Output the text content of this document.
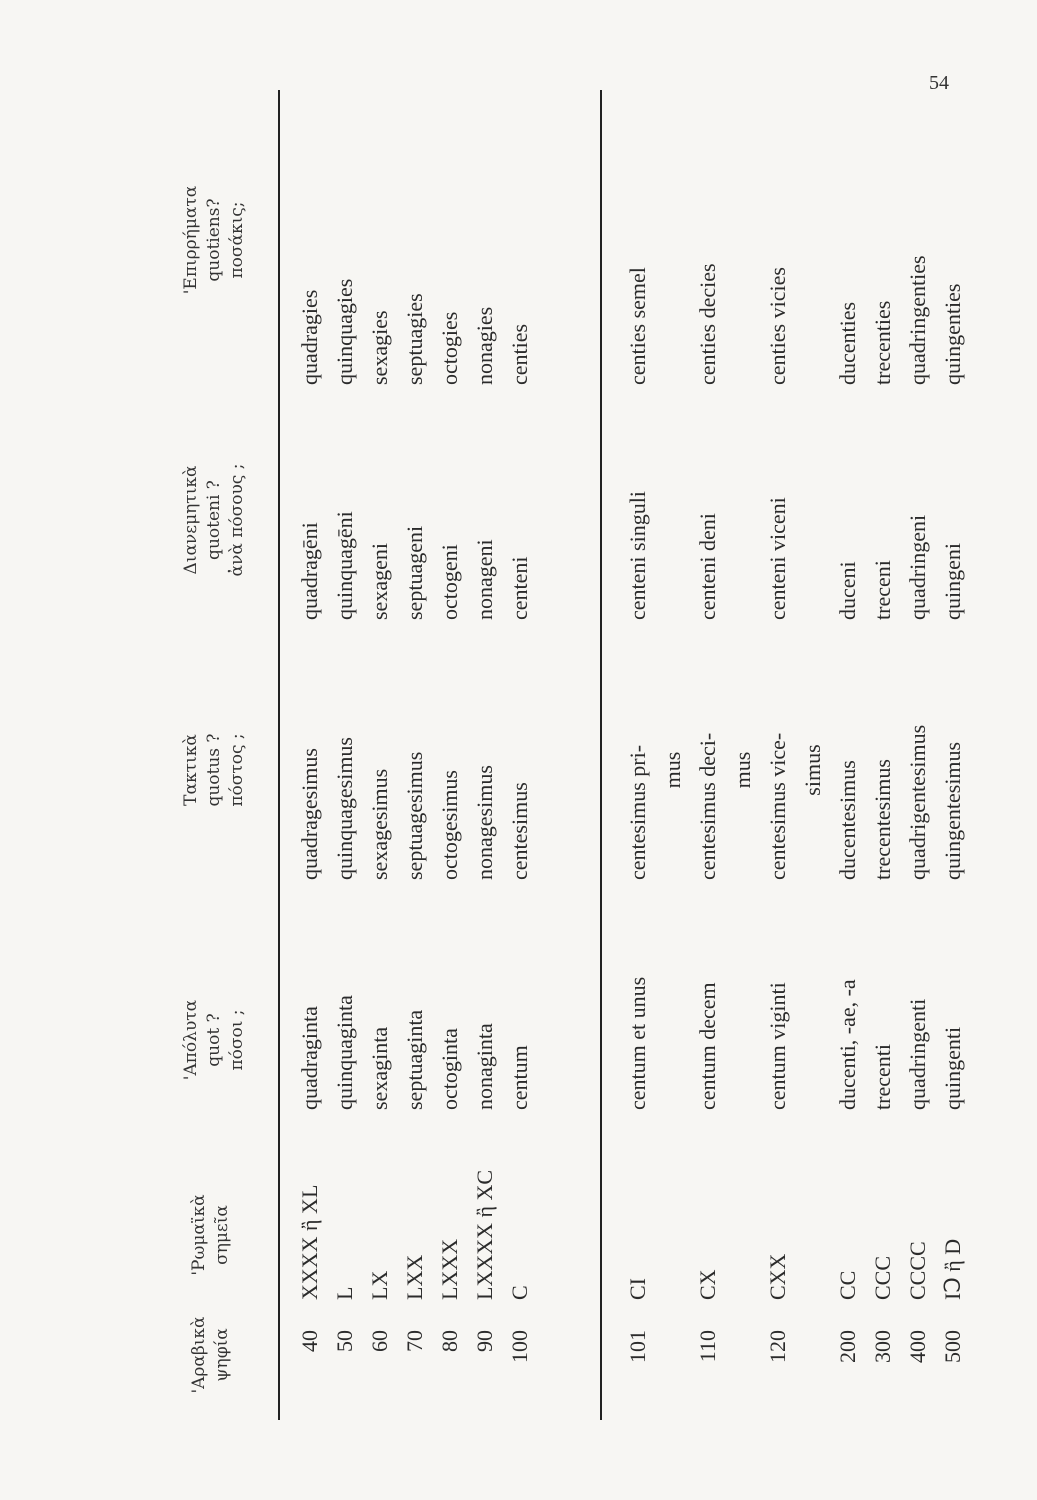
54
'Αραβικὰ ψηφία
'Ρωμαϊκὰ σημεῖα
'Απόλυτα quot ? πόσοι ;
Τακτικὰ quotus ? πόστος ;
Διανεμητικὰ quoteni ? ἀνὰ πόσους ;
'Επιρρήματα quotiens? ποσάκις;
40
XXXX ἢ XL
quadraginta
quadragesimus
quadragēni
quadragies
50
L
quinquaginta
quinquagesimus
quinquagēni
quinquagies
60
LX
sexaginta
sexagesimus
sexageni
sexagies
70
LXX
septuaginta
septuagesimus
septuageni
septuagies
80
LXXX
octoginta
octogesimus
octogeni
octogies
90
LXXXX ἢ XC
nonaginta
nonagesimus
nonageni
nonagies
100
C
centum
centesimus
centeni
centies
101
CI
centum et unus
centesimus pri- mus
centeni singuli
centies semel
110
CX
centum decem
centesimus deci- mus
centeni deni
centies decies
120
CXX
centum viginti
centesimus vice- simus
centeni viceni
centies vicies
200
CC
ducenti, -ae, -a
ducentesimus
duceni
ducenties
300
CCC
trecenti
trecentesimus
treceni
trecenties
400
CCCC
quadringenti
quadrigentesimus
quadringeni
quadringenties
500
IↃ ἢ D
quingenti
quingentesimus
quingeni
quingenties
